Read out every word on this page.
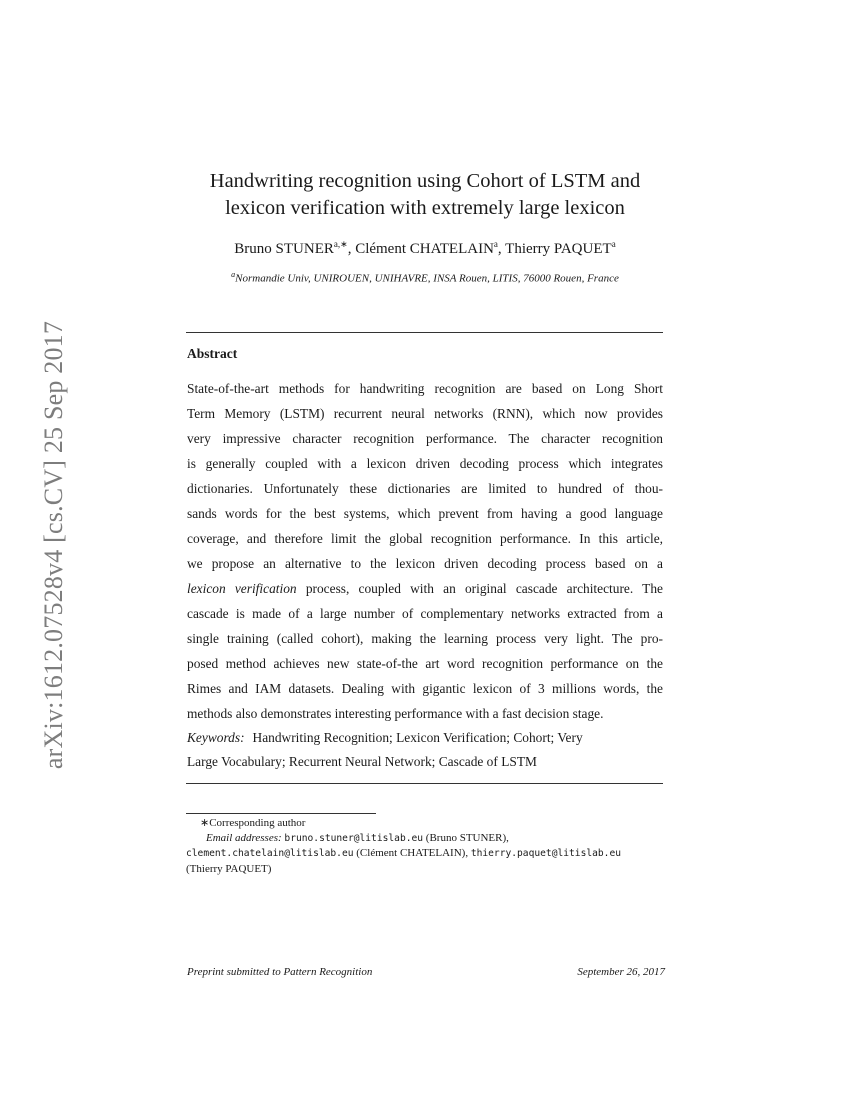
arXiv:1612.07528v4 [cs.CV] 25 Sep 2017
Handwriting recognition using Cohort of LSTM and
lexicon verification with extremely large lexicon
Bruno $STUNER^{a,∗}$, Clément CHATELAIN$^a$, Thierry PAQUET$^a$
$^a$Normandie Univ, UNIROUEN, UNIHAVRE, INSA Rouen, LITIS, 76000 Rouen, France
Abstract
State-of-the-art methods for handwriting recognition are based on Long Short
Term Memory (LSTM) recurrent neural networks (RNN), which now provides
very impressive character recognition performance. The character recognition
is generally coupled with a lexicon driven decoding process which integrates
dictionaries. Unfortunately these dictionaries are limited to hundred of thou-
sands words for the best systems, which prevent from having a good language
coverage, and therefore limit the global recognition performance. In this article,
we propose an alternative to the lexicon driven decoding process based on a
lexicon verification process, coupled with an original cascade architecture. The
cascade is made of a large number of complementary networks extracted from a
single training (called cohort), making the learning process very light. The pro-
posed method achieves new state-of-the art word recognition performance on the
Rimes and IAM datasets. Dealing with gigantic lexicon of 3 millions words, the
methods also demonstrates interesting performance with a fast decision stage.
Keywords: Handwriting Recognition; Lexicon Verification; Cohort; Very
Large Vocabulary; Recurrent Neural Network; Cascade of LSTM
∗Corresponding author
Email addresses: bruno.stuner@litislab.eu (Bruno STUNER),
clement.chatelain@litislab.eu (Clément CHATELAIN), thierry.paquet@litislab.eu
(Thierry PAQUET)
Preprint submitted to Pattern Recognition	September 26, 2017
